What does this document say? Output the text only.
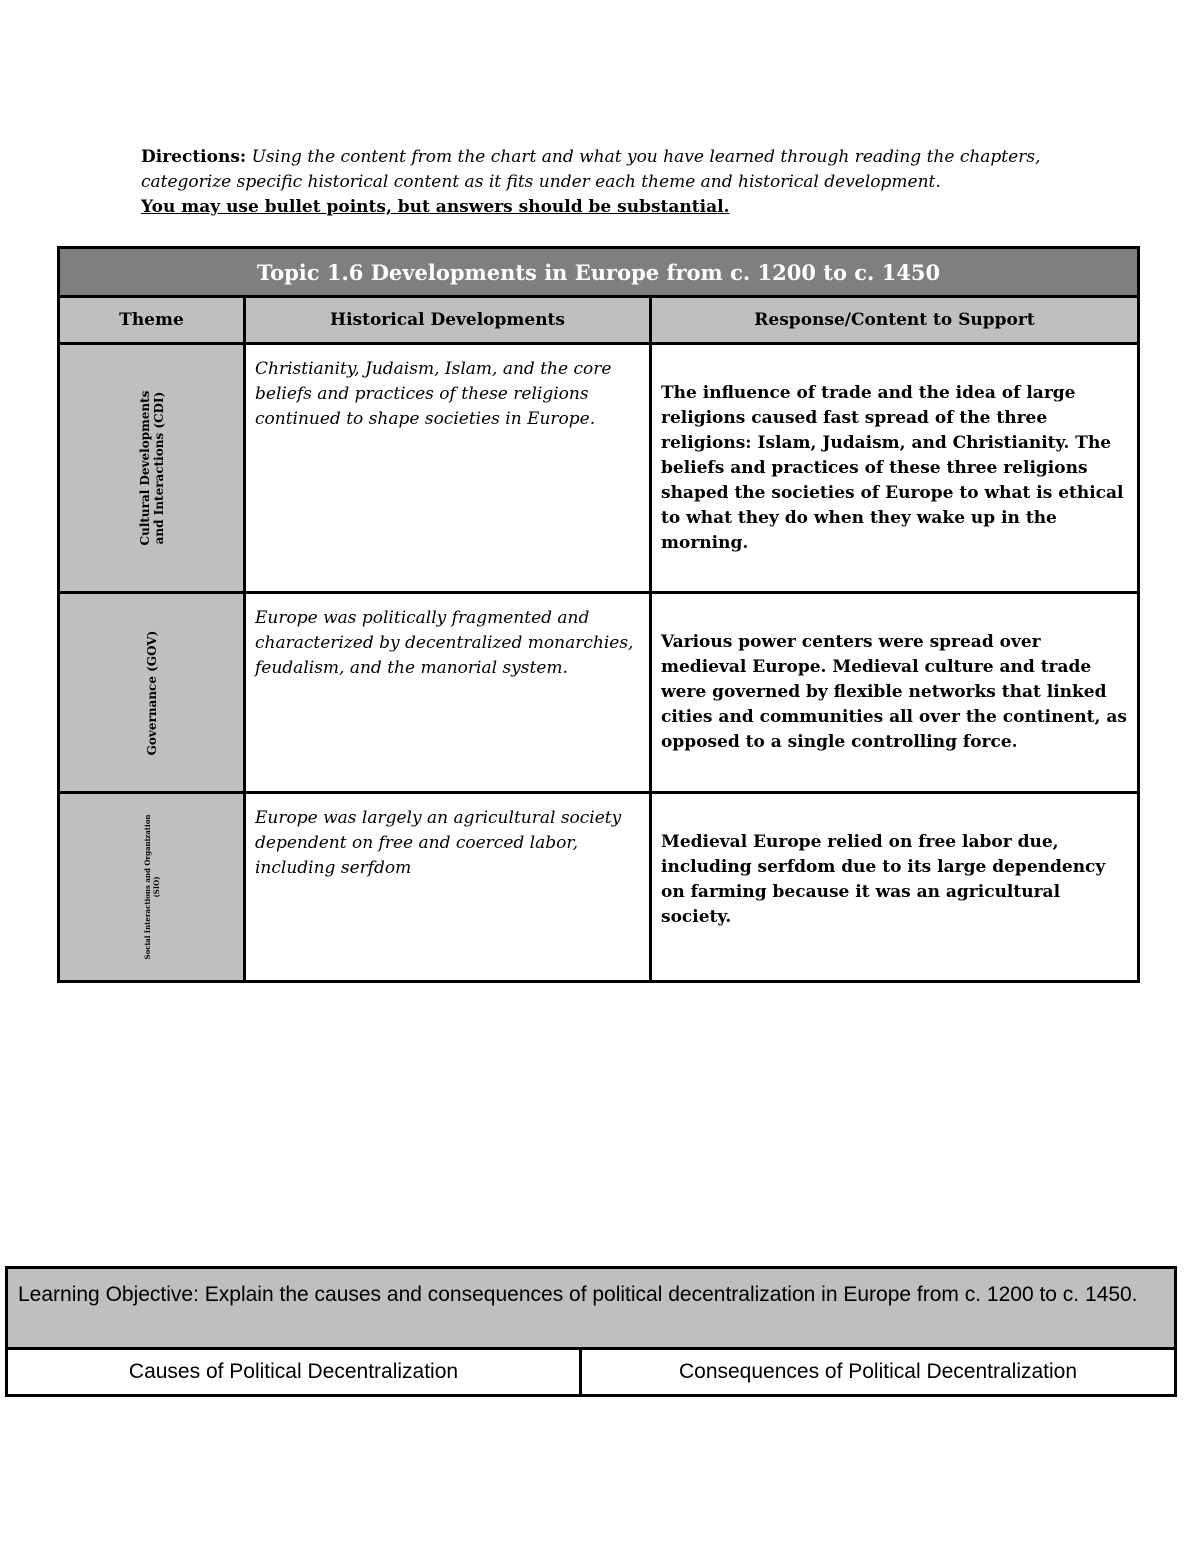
Directions: Using the content from the chart and what you have learned through reading the chapters, categorize specific historical content as it fits under each theme and historical development.
You may use bullet points, but answers should be substantial.
Topic 1.6 Developments in Europe from c. 1200 to c. 1450		
Theme	Historical Developments	Response/Content to Support

Cultural Developments and Interactions (CDI)	Christianity, Judaism, Islam, and the core beliefs and practices of these religions continued to shape societies in Europe.	The influence of trade and the idea of large religions caused fast spread of the three religions: Islam, Judaism, and Christianity. The beliefs and practices of these three religions shaped the societies of Europe to what is ethical to what they do when they wake up in the morning.

Governance (GOV)	Europe was politically fragmented and characterized by decentralized monarchies, feudalism, and the manorial system.	Various power centers were spread over medieval Europe. Medieval culture and trade were governed by flexible networks that linked cities and communities all over the continent, as opposed to a single controlling force.

Social Interactions and Organization (SIO)	Europe was largely an agricultural society dependent on free and coerced labor, including serfdom	Medieval Europe relied on free labor due, including serfdom due to its large dependency on farming because it was an agricultural society.
Learning Objective: Explain the causes and consequences of political decentralization in Europe from c. 1200 to c. 1450.
Causes of Political Decentralization	Consequences of Political Decentralization
